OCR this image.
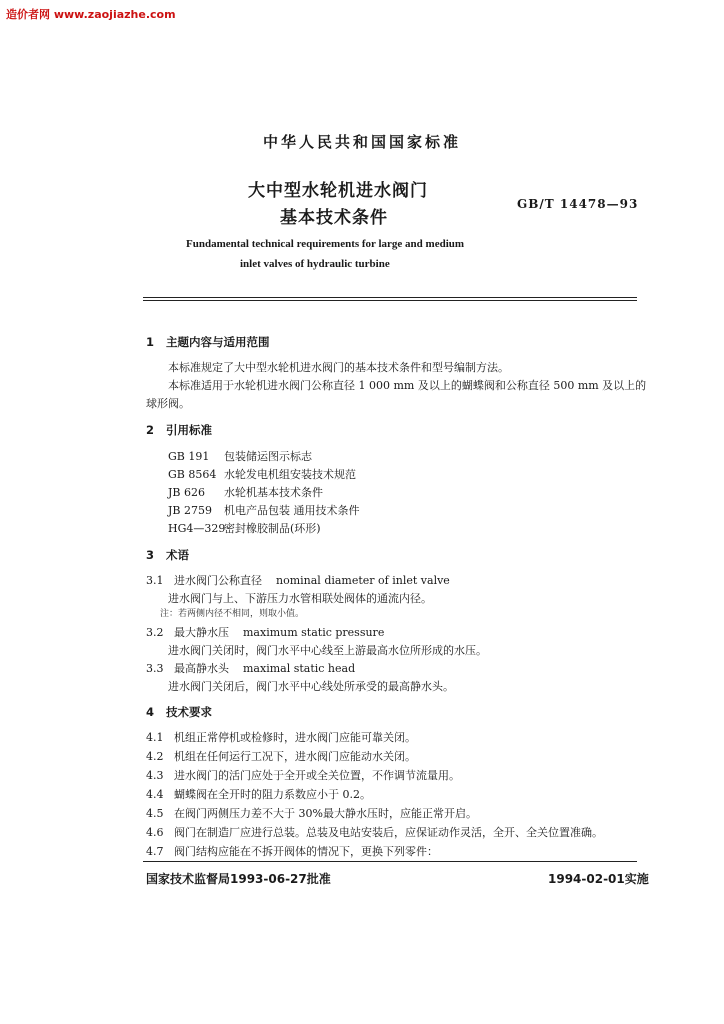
造价者网 www.zaojiazhe.com
中华人民共和国国家标准
大中型水轮机进水阀门
基本技术条件
GB/T 14478—93
Fundamental technical requirements for large and medium
inlet valves of hydraulic turbine
1 主题内容与适用范围
本标准规定了大中型水轮机进水阀门的基本技术条件和型号编制方法。
本标准适用于水轮机进水阀门公称直径 1 000 mm 及以上的蝴蝶阀和公称直径 500 mm 及以上的
球形阀。
2 引用标准
GB 191 包装储运图示标志
GB 8564 水轮发电机组安装技术规范
JB 626 水轮机基本技术条件
JB 2759 机电产品包装 通用技术条件
HG4—329密封橡胶制品(环形)
3 术语
3.1 进水阀门公称直径 nominal diameter of inlet valve
进水阀门与上、下游压力水管相联处阀体的通流内径。
注：若两侧内径不相同，则取小值。
3.2 最大静水压 maximum static pressure
进水阀门关闭时，阀门水平中心线至上游最高水位所形成的水压。
3.3 最高静水头 maximal static head
进水阀门关闭后，阀门水平中心线处所承受的最高静水头。
4 技术要求
4.1 机组正常停机或检修时，进水阀门应能可靠关闭。
4.2 机组在任何运行工况下，进水阀门应能动水关闭。
4.3 进水阀门的活门应处于全开或全关位置，不作调节流量用。
4.4 蝴蝶阀在全开时的阻力系数应小于 0.2。
4.5 在阀门两侧压力差不大于 30%最大静水压时，应能正常开启。
4.6 阀门在制造厂应进行总装。总装及电站安装后，应保证动作灵活，全开、全关位置准确。
4.7 阀门结构应能在不拆开阀体的情况下，更换下列零件：
国家技术监督局1993-06-27批准	1994-02-01实施
